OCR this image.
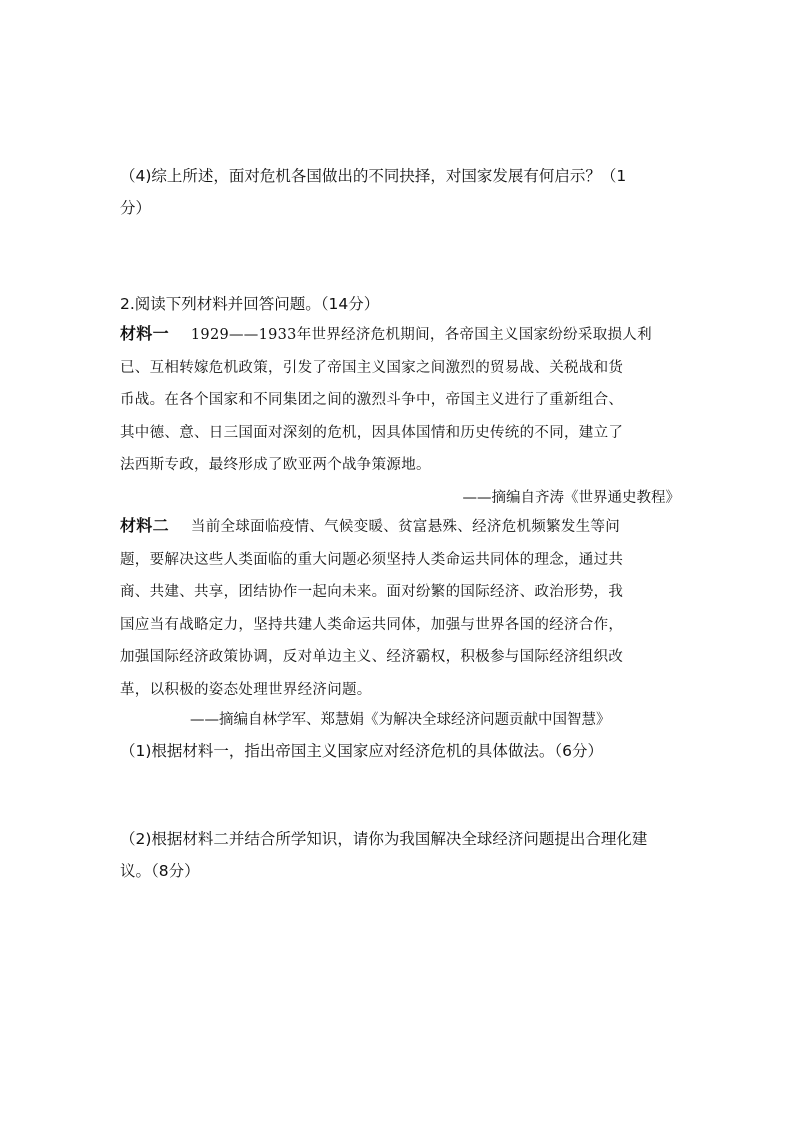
（4)综上所述，面对危机各国做出的不同抉择，对国家发展有何启示？（1
分）
2.阅读下列材料并回答问题。（14分）
材料一 1929——1933年世界经济危机期间，各帝国主义国家纷纷采取损人利
已、互相转嫁危机政策，引发了帝国主义国家之间激烈的贸易战、关税战和货
币战。在各个国家和不同集团之间的激烈斗争中，帝国主义进行了重新组合、
其中德、意、日三国面对深刻的危机，因具体国情和历史传统的不同，建立了
法西斯专政，最终形成了欧亚两个战争策源地。
——摘编自齐涛《世界通史教程》
材料二 当前全球面临疫情、气候变暖、贫富悬殊、经济危机频繁发生等问
题，要解决这些人类面临的重大问题必须坚持人类命运共同体的理念，通过共
商、共建、共享，团结协作一起向未来。面对纷繁的国际经济、政治形势，我
国应当有战略定力，坚持共建人类命运共同体，加强与世界各国的经济合作，
加强国际经济政策协调，反对单边主义、经济霸权，积极参与国际经济组织改
革，以积极的姿态处理世界经济问题。
——摘编自林学军、郑慧娟《为解决全球经济问题贡献中国智慧》
（1)根据材料一，指出帝国主义国家应对经济危机的具体做法。（6分）
（2)根据材料二并结合所学知识，请你为我国解决全球经济问题提出合理化建
议。（8分）
